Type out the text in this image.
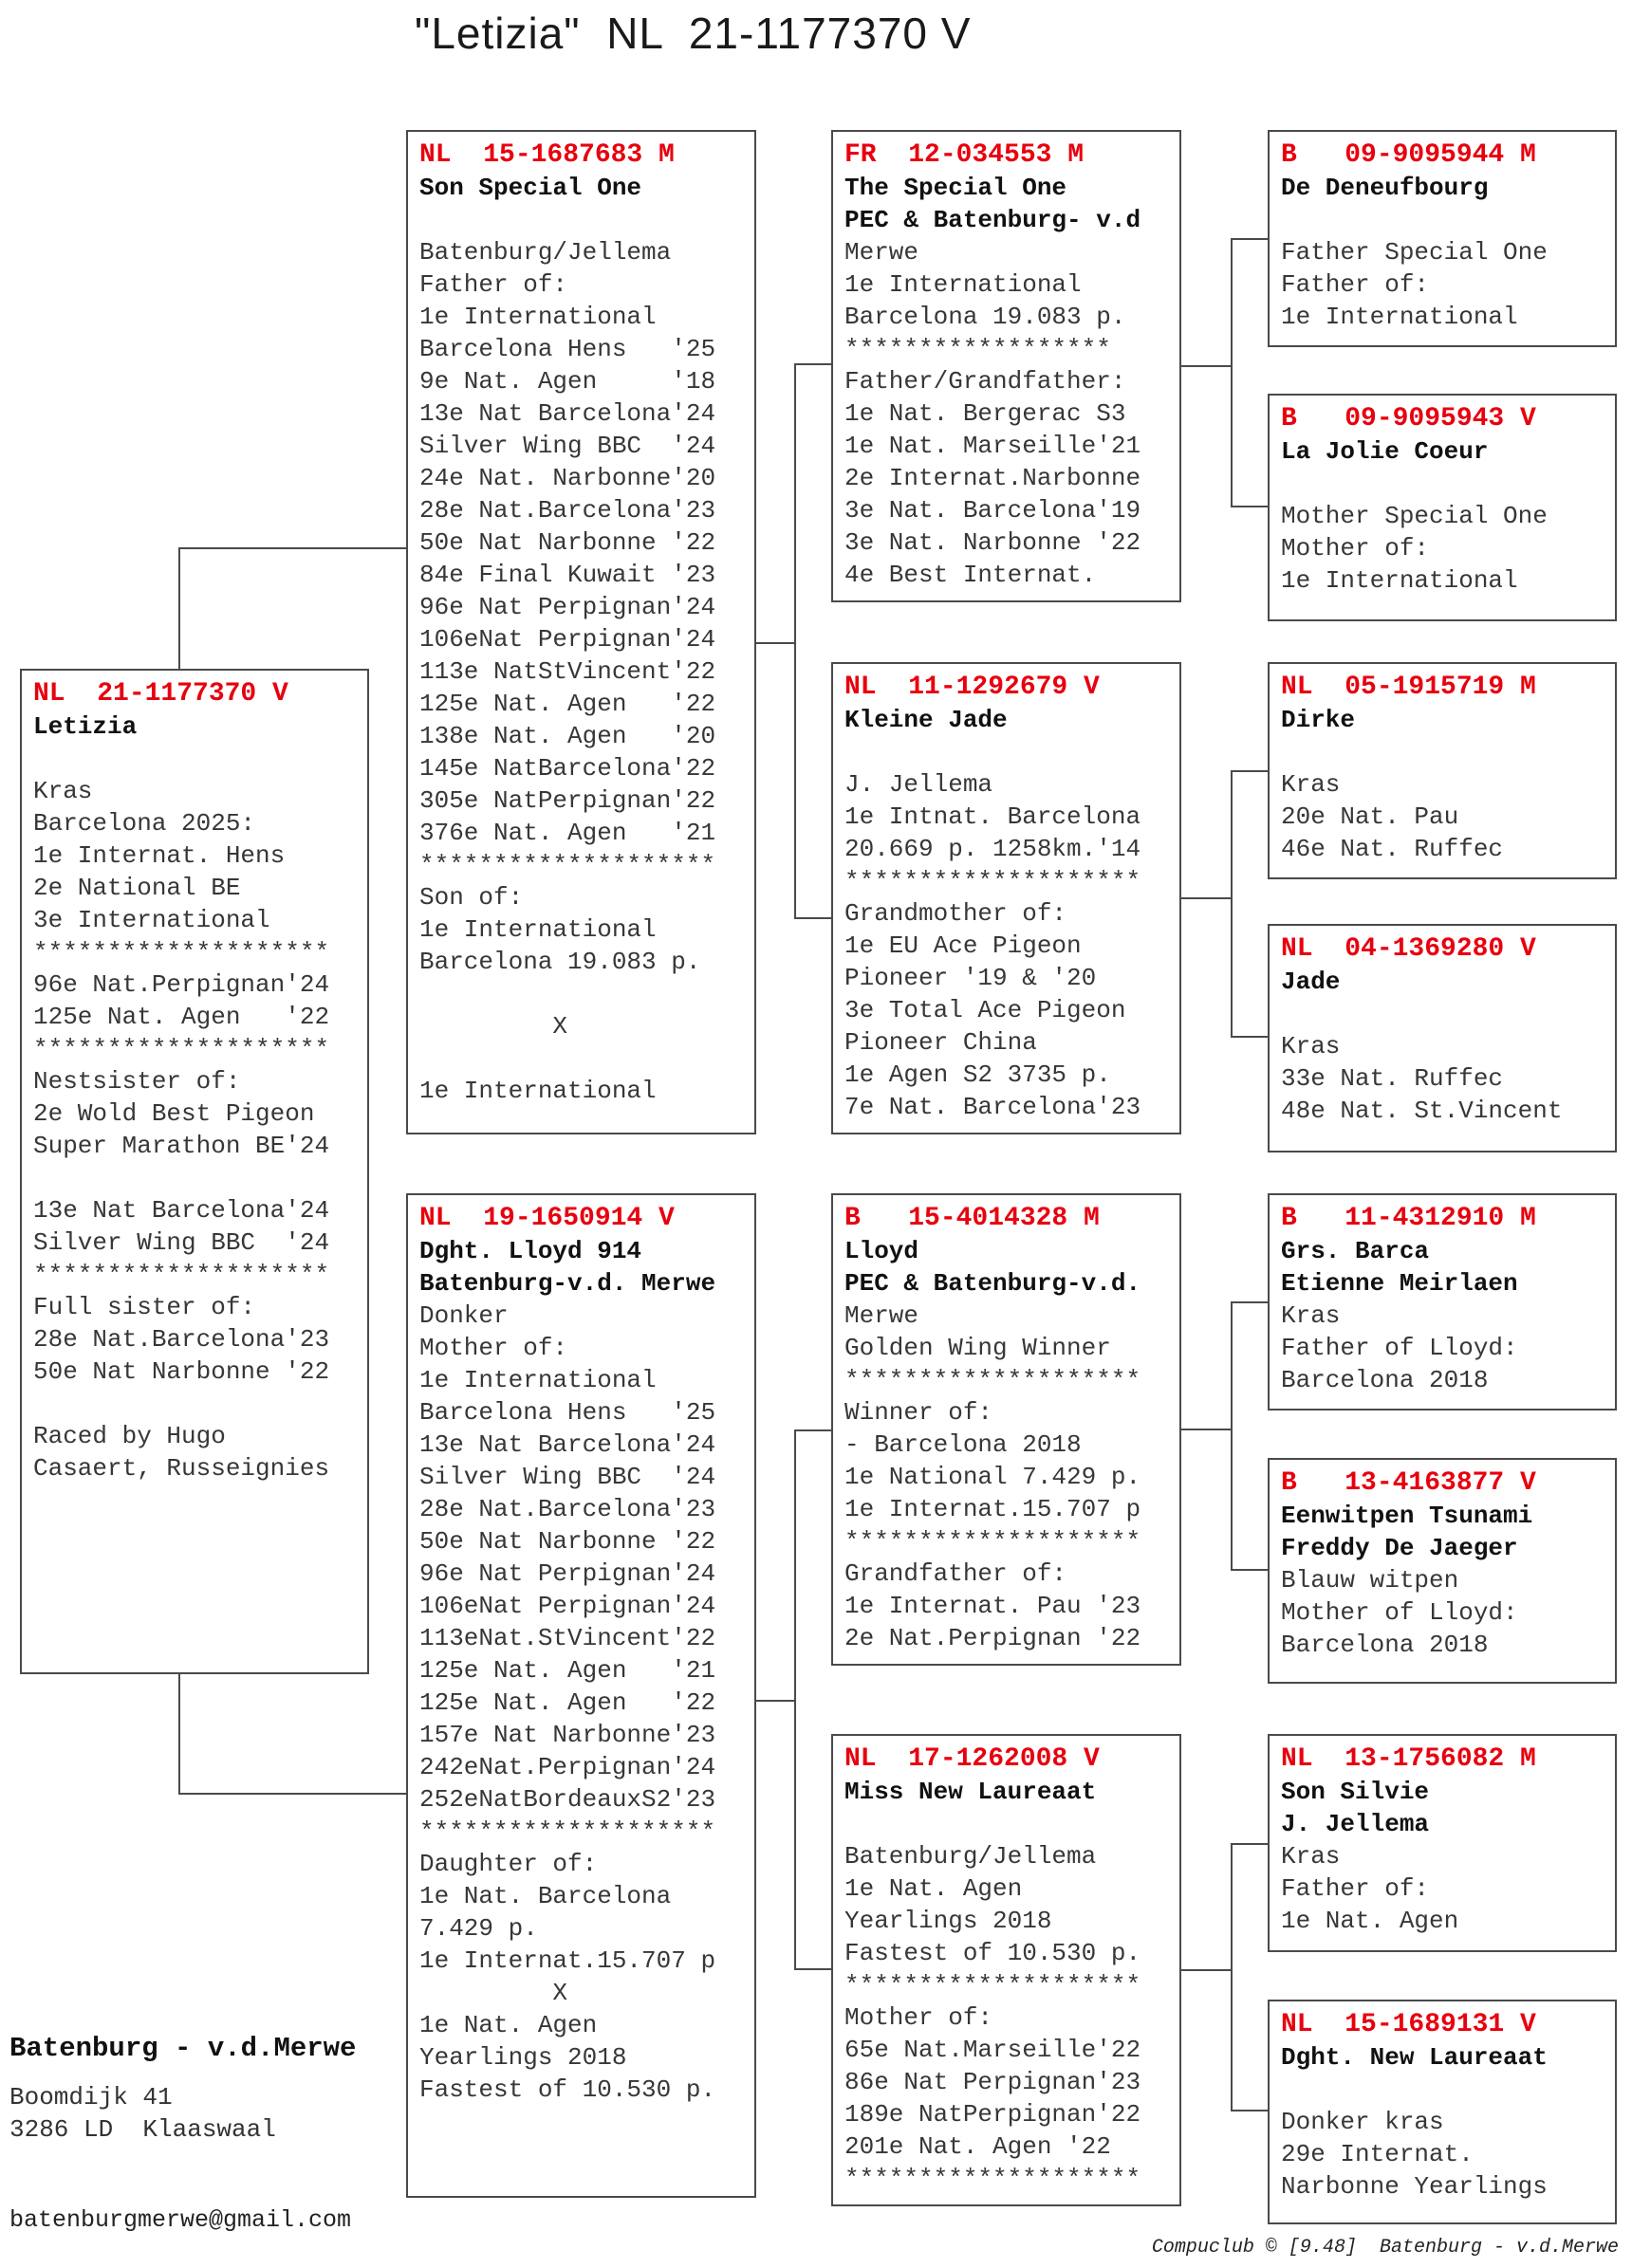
"Letizia"  NL  21-1177370 V
NL  21-1177370 V
Letizia

Kras
Barcelona 2025:
1e Internat. Hens
2e National BE
3e International
********************
96e Nat.Perpignan'24
125e Nat. Agen   '22
********************
Nestsister of:
2e Wold Best Pigeon
Super Marathon BE'24

13e Nat Barcelona'24
Silver Wing BBC  '24
********************
Full sister of:
28e Nat.Barcelona'23
50e Nat Narbonne '22

Raced by Hugo
Casaert, Russeignies
NL  15-1687683 M
Son Special One

Batenburg/Jellema
Father of:
1e International
Barcelona Hens   '25
9e Nat. Agen     '18
13e Nat Barcelona'24
Silver Wing BBC  '24
24e Nat. Narbonne'20
28e Nat.Barcelona'23
50e Nat Narbonne '22
84e Final Kuwait '23
96e Nat Perpignan'24
106eNat Perpignan'24
113e NatStVincent'22
125e Nat. Agen   '22
138e Nat. Agen   '20
145e NatBarcelona'22
305e NatPerpignan'22
376e Nat. Agen   '21
********************
Son of:
1e International
Barcelona 19.083 p.

X

1e International
NL  19-1650914 V
Dght. Lloyd 914
Batenburg-v.d. Merwe
Donker
Mother of:
1e International
Barcelona Hens   '25
13e Nat Barcelona'24
Silver Wing BBC  '24
28e Nat.Barcelona'23
50e Nat Narbonne '22
96e Nat Perpignan'24
106eNat Perpignan'24
113eNat.StVincent'22
125e Nat. Agen   '21
125e Nat. Agen   '22
157e Nat Narbonne'23
242eNat.Perpignan'24
252eNatBordeauxS2'23
********************
Daughter of:
1e Nat. Barcelona
7.429 p.
1e Internat.15.707 p
X
1e Nat. Agen
Yearlings 2018
Fastest of 10.530 p.
FR  12-034553 M
The Special One
PEC & Batenburg- v.d
Merwe
1e International
Barcelona 19.083 p.
******************
Father/Grandfather:
1e Nat. Bergerac S3
1e Nat. Marseille'21
2e Internat.Narbonne
3e Nat. Barcelona'19
3e Nat. Narbonne '22
4e Best Internat.
NL  11-1292679 V
Kleine Jade

J. Jellema
1e Intnat. Barcelona
20.669 p. 1258km.'14
********************
Grandmother of:
1e EU Ace Pigeon
Pioneer '19 & '20
3e Total Ace Pigeon
Pioneer China
1e Agen S2 3735 p.
7e Nat. Barcelona'23
B   15-4014328 M
Lloyd
PEC & Batenburg-v.d.
Merwe
Golden Wing Winner
********************
Winner of:
- Barcelona 2018
1e National 7.429 p.
1e Internat.15.707 p
********************
Grandfather of:
1e Internat. Pau '23
2e Nat.Perpignan '22
NL  17-1262008 V
Miss New Laureaat

Batenburg/Jellema
1e Nat. Agen
Yearlings 2018
Fastest of 10.530 p.
********************
Mother of:
65e Nat.Marseille'22
86e Nat Perpignan'23
189e NatPerpignan'22
201e Nat. Agen '22
********************
B   09-9095944 M
De Deneufbourg

Father Special One
Father of:
1e International
B   09-9095943 V
La Jolie Coeur

Mother Special One
Mother of:
1e International
NL  05-1915719 M
Dirke

Kras
20e Nat. Pau
46e Nat. Ruffec
NL  04-1369280 V
Jade

Kras
33e Nat. Ruffec
48e Nat. St.Vincent
B   11-4312910 M
Grs. Barca
Etienne Meirlaen
Kras
Father of Lloyd:
Barcelona 2018
B   13-4163877 V
Eenwitpen Tsunami
Freddy De Jaeger
Blauw witpen
Mother of Lloyd:
Barcelona 2018
NL  13-1756082 M
Son Silvie
J. Jellema
Kras
Father of:
1e Nat. Agen
NL  15-1689131 V
Dght. New Laureaat

Donker kras
29e Internat.
Narbonne Yearlings
Batenburg - v.d.Merwe
Boomdijk 41
3286 LD  Klaaswaal
batenburgmerwe@gmail.com
Compuclub © [9.48]  Batenburg - v.d.Merwe
